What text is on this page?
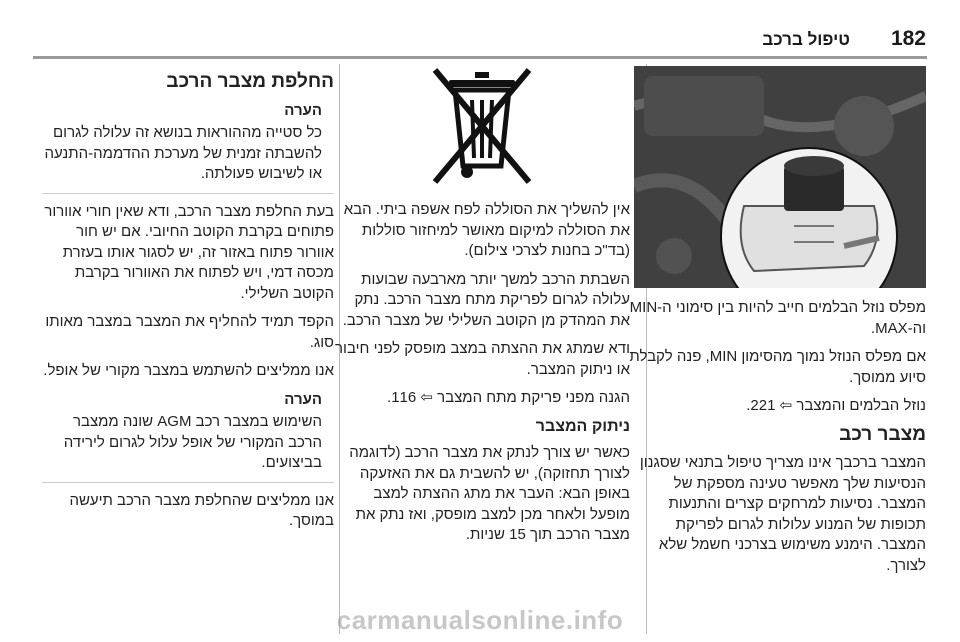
182
טיפול ברכב

מפלס נוזל הבלמים חייב להיות בין סימוני ה-MIN וה-MAX.

אם מפלס הנוזל נמוך מהסימון MIN, פנה לקבלת סיוע ממוסך.

נוזל הבלמים והמצבר ⇦ 221.

מצבר רכב

המצבר ברכבך אינו מצריך טיפול בתנאי שסגנון הנסיעות שלך מאפשר טעינה מספקת של המצבר. נסיעות למרחקים קצרים והתנעות תכופות של המנוע עלולות לגרום לפריקת המצבר. הימנע משימוש בצרכני חשמל שלא לצורך.

אין להשליך את הסוללה לפח אשפה ביתי. הבא את הסוללה למיקום מאושר למיחזור סוללות (בד"כ בחנות לצרכי צילום).

השבתת הרכב למשך יותר מארבעה שבועות עלולה לגרום לפריקת מתח מצבר הרכב. נתק את המהדק מן הקוטב השלילי של מצבר הרכב.

ודא שמתג את ההצתה במצב מופסק לפני חיבור או ניתוק המצבר.

הגנה מפני פריקת מתח המצבר ⇦ 116.

ניתוק המצבר

כאשר יש צורך לנתק את מצבר הרכב (לדוגמה לצורך תחזוקה), יש להשבית גם את האזעקה באופן הבא: העבר את מתג ההצתה למצב מופעל ולאחר מכן למצב מופסק, ואז נתק את מצבר הרכב תוך 15 שניות.

החלפת מצבר הרכב
הערה

כל סטייה מההוראות בנושא זה עלולה לגרום להשבתה זמנית של מערכת ההדממה-התנעה או לשיבוש פעולתה.

בעת החלפת מצבר הרכב, ודא שאין חורי אוורור פתוחים בקרבת הקוטב החיובי. אם יש חור אוורור פתוח באזור זה, יש לסגור אותו בעזרת מכסה דמי, ויש לפתוח את האוורור בקרבת הקוטב השלילי.

הקפד תמיד להחליף את המצבר במצבר מאותו סוג.

אנו ממליצים להשתמש במצבר מקורי של אופל.

הערה

השימוש במצבר רכב AGM שונה ממצבר הרכב המקורי של אופל עלול לגרום לירידה בביצועים.

אנו ממליצים שהחלפת מצבר הרכב תיעשה במוסך.

carmanualsonline.info
